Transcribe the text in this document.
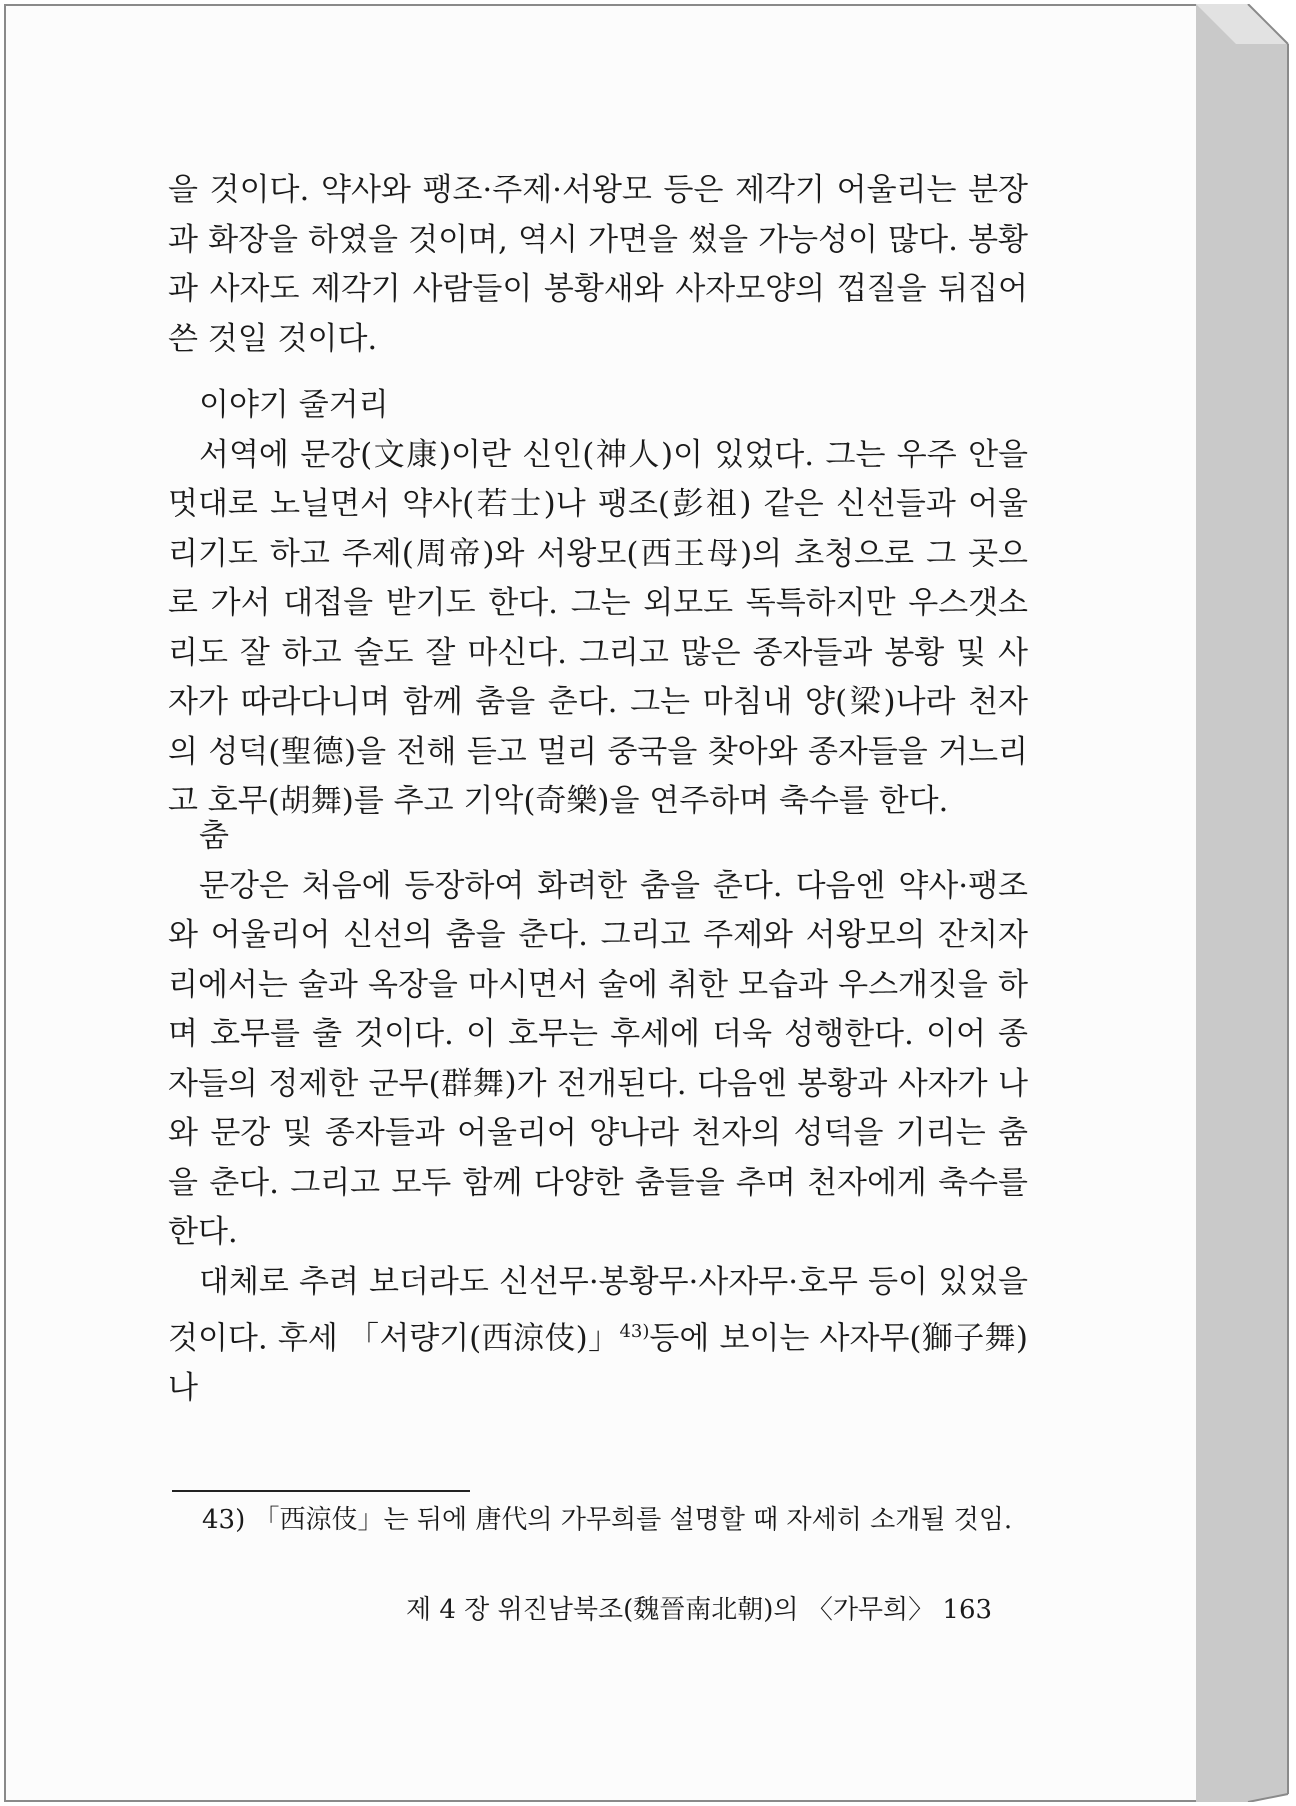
을 것이다. 약사와 팽조·주제·서왕모 등은 제각기 어울리는 분장과 화장을 하였을 것이며, 역시 가면을 썼을 가능성이 많다. 봉황과 사자도 제각기 사람들이 봉황새와 사자모양의 껍질을 뒤집어쓴 것일 것이다.

이야기 줄거리

서역에 문강(文康)이란 신인(神人)이 있었다. 그는 우주 안을 멋대로 노닐면서 약사(若士)나 팽조(彭祖) 같은 신선들과 어울리기도 하고 주제(周帝)와 서왕모(西王母)의 초청으로 그 곳으로 가서 대접을 받기도 한다. 그는 외모도 독특하지만 우스갯소리도 잘 하고 술도 잘 마신다. 그리고 많은 종자들과 봉황 및 사자가 따라다니며 함께 춤을 춘다. 그는 마침내 양(梁)나라 천자의 성덕(聖德)을 전해 듣고 멀리 중국을 찾아와 종자들을 거느리고 호무(胡舞)를 추고 기악(奇樂)을 연주하며 축수를 한다.

춤

문강은 처음에 등장하여 화려한 춤을 춘다. 다음엔 약사·팽조와 어울리어 신선의 춤을 춘다. 그리고 주제와 서왕모의 잔치자리에서는 술과 옥장을 마시면서 술에 취한 모습과 우스개짓을 하며 호무를 출 것이다. 이 호무는 후세에 더욱 성행한다. 이어 종자들의 정제한 군무(群舞)가 전개된다. 다음엔 봉황과 사자가 나와 문강 및 종자들과 어울리어 양나라 천자의 성덕을 기리는 춤을 춘다. 그리고 모두 함께 다양한 춤들을 추며 천자에게 축수를 한다.

대체로 추려 보더라도 신선무·봉황무·사자무·호무 등이 있었을 것이다. 후세 「서량기(西涼伎)」$^{43)}$등에 보이는 사자무(獅子舞)나

43) 「西涼伎」는 뒤에 唐代의 가무희를 설명할 때 자세히 소개될 것임.
제 4 장 위진남북조(魏晉南北朝)의 〈가무희〉 163
